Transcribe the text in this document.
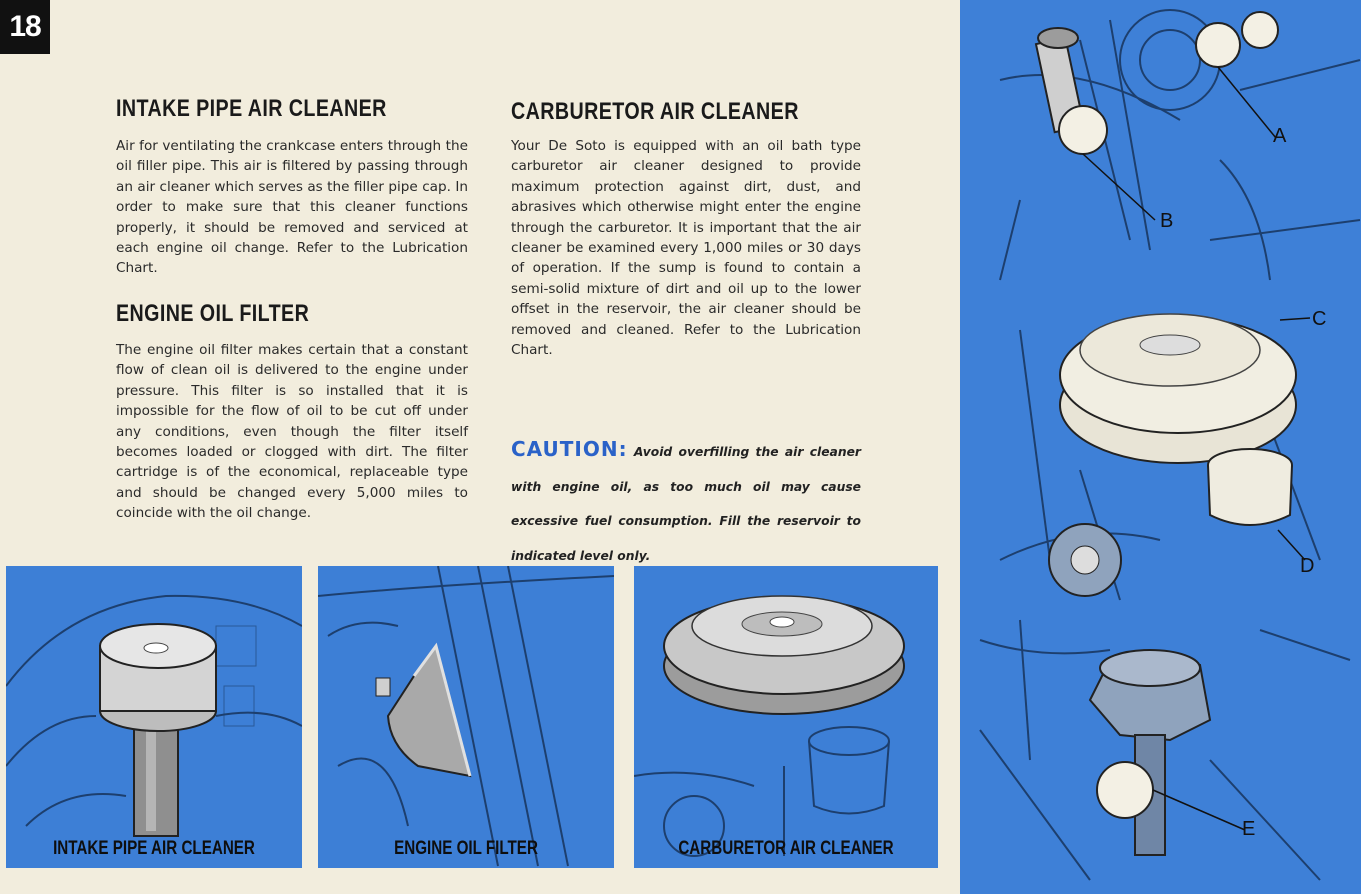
18
INTAKE PIPE AIR CLEANER
Air for ventilating the crankcase enters through the oil filler pipe. This air is filtered by passing through an air cleaner which serves as the filler pipe cap. In order to make sure that this cleaner functions properly, it should be removed and serviced at each engine oil change. Refer to the Lubrication Chart.
ENGINE OIL FILTER
The engine oil filter makes certain that a constant flow of clean oil is delivered to the engine under pressure. This filter is so installed that it is impossible for the flow of oil to be cut off under any conditions, even though the filter itself becomes loaded or clogged with dirt. The filter cartridge is of the economical, replaceable type and should be changed every 5,000 miles to coincide with the oil change.
CARBURETOR AIR CLEANER
Your De Soto is equipped with an oil bath type carburetor air cleaner designed to provide maximum protection against dirt, dust, and abrasives which otherwise might enter the engine through the carburetor. It is important that the air cleaner be examined every 1,000 miles or 30 days of operation. If the sump is found to contain a semi-solid mixture of dirt and oil up to the lower offset in the reservoir, the air cleaner should be removed and cleaned. Refer to the Lubrication Chart.
CAUTION: Avoid overfilling the air cleaner with engine oil, as too much oil may cause excessive fuel consumption. Fill the reservoir to indicated level only.
INTAKE PIPE AIR CLEANER	ENGINE OIL FILTER	CARBURETOR AIR CLEANER
A
B
C
D
E
